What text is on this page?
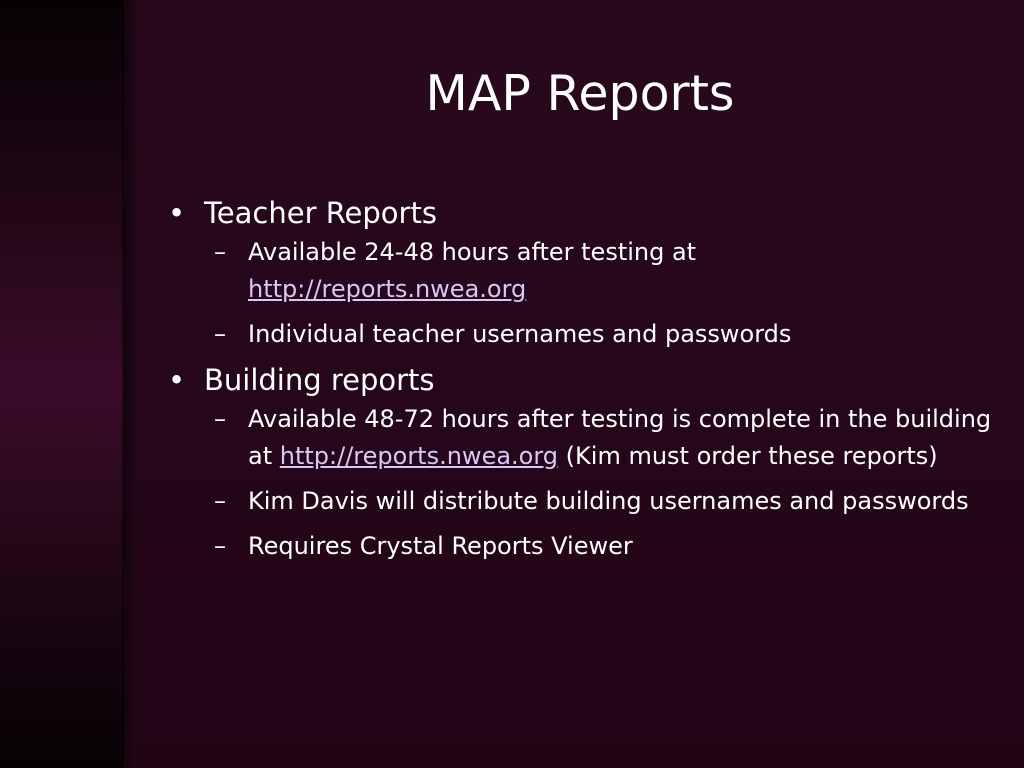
MAP Reports

• Teacher Reports

– Available 24-48 hours after testing at
http://reports.nwea.org

– Individual teacher usernames and passwords

• Building reports

– Available 48-72 hours after testing is complete in the building at http://reports.nwea.org (Kim must order these reports)

– Kim Davis will distribute building usernames and passwords

– Requires Crystal Reports Viewer
